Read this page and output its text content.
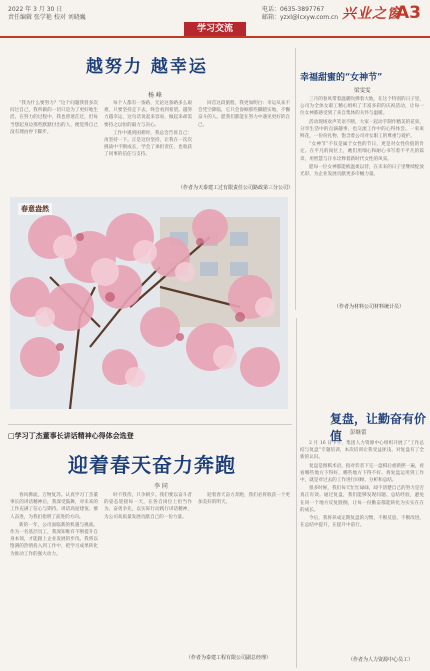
2022 年 3 月 30 日
责任编辑 张学艳 校对 刘晓巍
学习交流
电话：0635-3897767
邮箱：yzxl@lcxyw.com.cn 兴业之窗
A3
越努力 越幸运
杨 峰

“我为什么要努力？”这个问题我曾多次问过自己，我所做的一切只是为了更好地生活。在努力的过程中，我也曾迷茫过，但每当想起身边那些默默付出的人，便觉得自己没有理由停下脚步。

每个人都有一条路，无论这条路多么艰难，只要坚持走下去，终会看到希望。越努力越幸运，这句话说起来容易，做起来却需要持之以恒的毅力与决心。

工作中遇到困难时，我总会告诉自己：再坚持一下。正是这份坚持，让我在一次次挑战中不断成长，学会了承担责任，也收获了同事的信任与支持。

回首这段旅程，我更加明白：幸运从来不会凭空降临，它只会眷顾那些脚踏实地、不懈奋斗的人。愿我们都能在努力中遇见更好的自己。

（作者为天泰建工过有限责任公司路政第三分公司）
幸福甜蜜的“女神节”
梁雯雯

三月的春风带着温暖吹拂着大地，在这个特别的日子里，公司为全体女职工精心组织了丰富多彩的庆祝活动，让每一位女神都感受到了来自集体的关怀与温暖。

活动现场欢声笑语不断，大家一起动手制作精美的花束，分享生活中的点滴趣事，也交流工作中的心得体会。一束束鲜花，一份份礼物，饱含着公司对女职工的尊重与爱护。

“女神节”不仅是属于女性的节日，更是对女性价值的肯定。在平凡的岗位上，她们用细心和耐心书写着不平凡的篇章，用智慧与汗水诠释着新时代女性的风采。

愿每一位女神都能被温柔以待，在未来的日子里继续绽放光彩，为企业发展贡献更多巾帼力量。

（作者为材料公司材料统计员）
春意盎然
□学习丁杰董事长讲话精神心得体会选登
迎着春天奋力奔跑
李 同

春风拂面，万物复苏。认真学习丁杰董事长的讲话精神后，我深受鼓舞，对未来的工作充满了信心与期待。讲话高屋建瓴、催人奋进，为我们指明了前进的方向。

新的一年，公司面临新的机遇与挑战。作为一名基层员工，我深知唯有不断提升自身本领，才能跟上企业发展的步伐。我将以饱满的热情投入到工作中，把学习成果转化为推动工作的强大动力。

时不我待，只争朝夕。我们要以奋斗者的姿态迎接每一天，在各自岗位上担当作为、奋勇争先，以实际行动践行讲话精神，为公司高质量发展贡献自己的一份力量。

迎着春天奋力奔跑，我们必将收获一个更加美好的明天。

（作者为泰建工程有限公司副总经理）
复盘，让勤奋有价值	彭继蕾

2 月 16 日下午，集团人力资源中心组织开展了“工作总结与复盘”专题培训，本次培训让我受益匪浅，对复盘有了全新的认识。

复盘是围棋术语，指对弈者下完一盘棋后重新摆一遍，看看哪些地方下得好，哪些地方下得不好。将复盘运用到工作中，就是对过去的工作进行回顾、分析和总结。

很多时候，我们每天忙忙碌碌，却不清楚自己的努力是否真正有效。通过复盘，我们能够发现问题、总结经验，避免在同一个地方反复跌倒，让每一份勤奋都能转化为实实在在的成长。

今后，我将养成定期复盘的习惯，不断反思、不断改进，在总结中提升，在提升中前行。

（作者为人力资源中心员工）
